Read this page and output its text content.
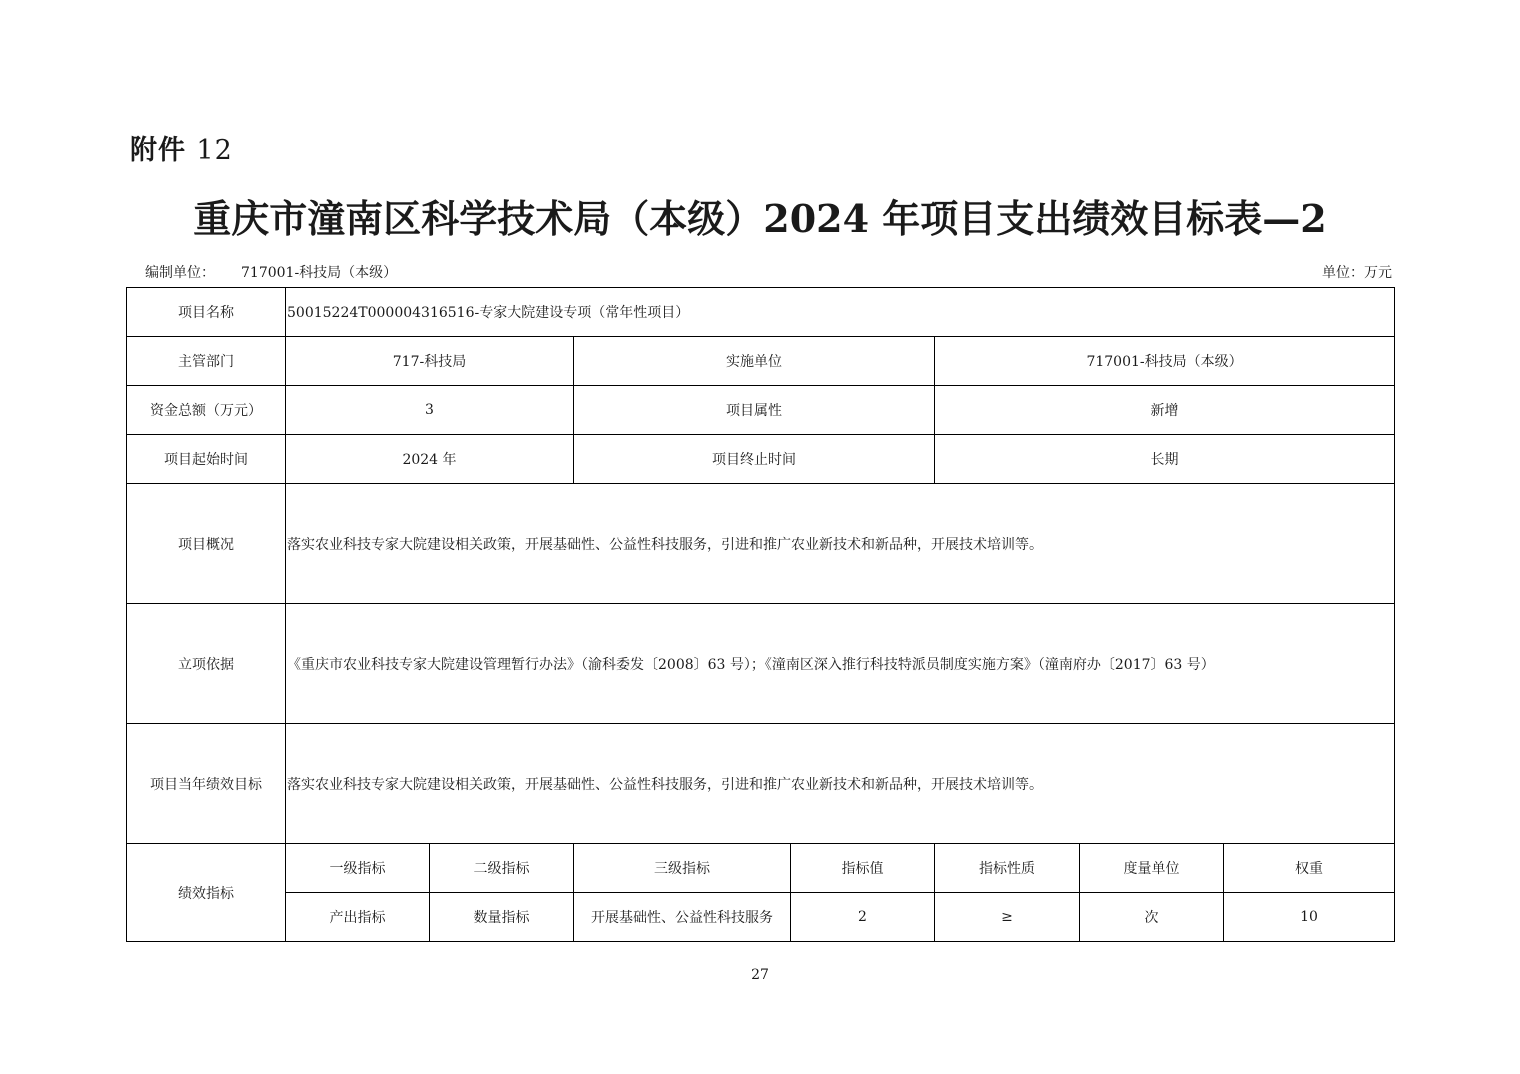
附件 12
重庆市潼南区科学技术局（本级）2024 年项目支出绩效目标表—2
编制单位： 717001-科技局（本级）	单位：万元
项目名称	50015224T000004316516-专家大院建设专项（常年性项目）						
主管部门	717-科技局		实施单位		717001-科技局（本级）		
资金总额（万元）	3		项目属性		新增		
项目起始时间	2024 年		项目终止时间		长期		
项目概况	落实农业科技专家大院建设相关政策，开展基础性、公益性科技服务，引进和推广农业新技术和新品种，开展技术培训等。						
立项依据	《重庆市农业科技专家大院建设管理暂行办法》（渝科委发〔2008〕63 号）；《潼南区深入推行科技特派员制度实施方案》（潼南府办〔2017〕63 号）						
项目当年绩效目标	落实农业科技专家大院建设相关政策，开展基础性、公益性科技服务，引进和推广农业新技术和新品种，开展技术培训等。						
绩效指标	一级指标	二级指标	三级指标	指标值	指标性质	度量单位	权重
	产出指标	数量指标	开展基础性、公益性科技服务	2	≥	次	10
27
